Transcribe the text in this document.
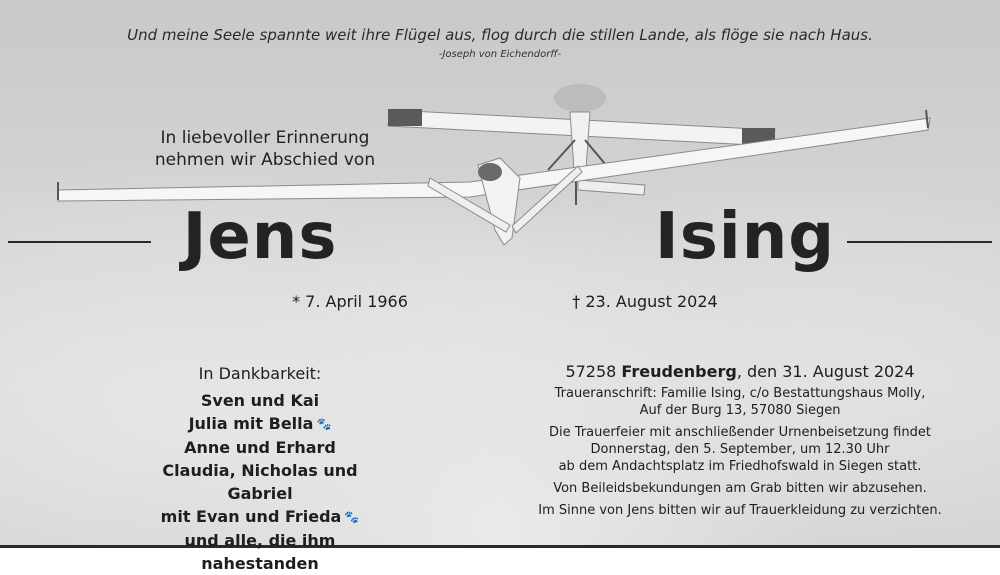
Und meine Seele spannte weit ihre Flügel aus, flog durch die stillen Lande, als flöge sie nach Haus.
-Joseph von Eichendorff-
In liebevoller Erinnerung
nehmen wir Abschied von
Jens	Ising
* 7. April 1966	† 23. August 2024
In Dankbarkeit:
Sven und Kai
Julia mit Bella 🐾
Anne und Erhard
Claudia, Nicholas und Gabriel
mit Evan und Frieda 🐾
und alle, die ihm nahestanden
57258 Freudenberg, den 31. August 2024
Traueranschrift: Familie Ising, c/o Bestattungshaus Molly,
Auf der Burg 13, 57080 Siegen
Die Trauerfeier mit anschließender Urnenbeisetzung findet
Donnerstag, den 5. September, um 12.30 Uhr
ab dem Andachtsplatz im Friedhofswald in Siegen statt.
Von Beileidsbekundungen am Grab bitten wir abzusehen.
Im Sinne von Jens bitten wir auf Trauerkleidung zu verzichten.
